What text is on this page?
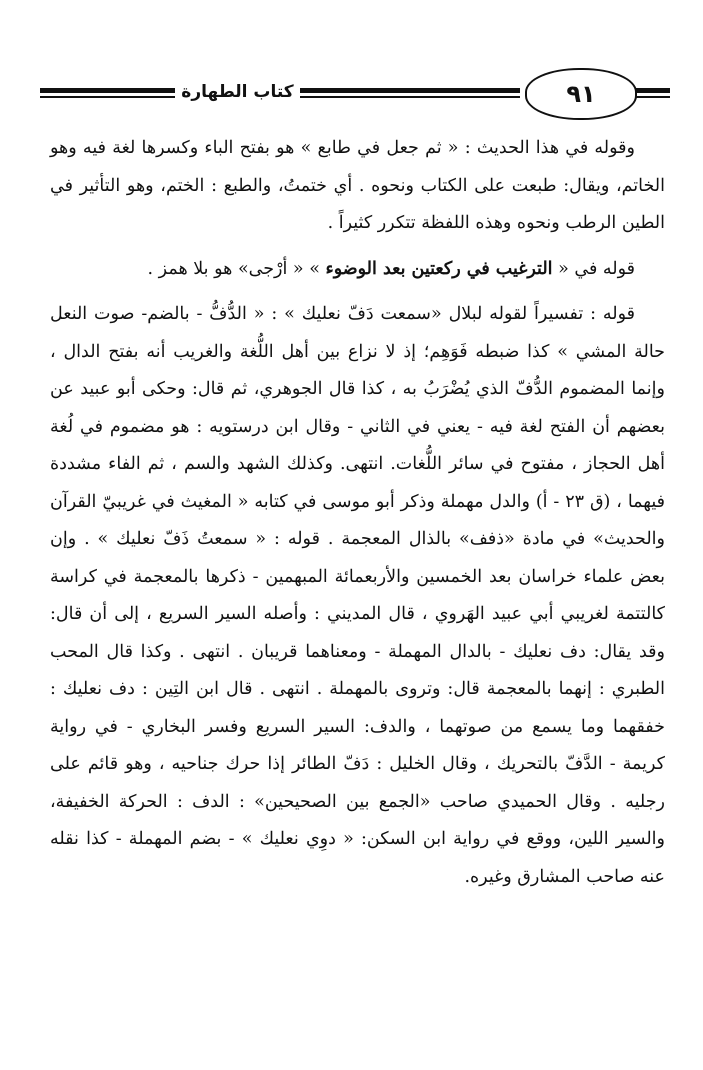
كتاب الطهارة	٩١

وقوله في هذا الحديث : « ثم جعل في طابع » هو بفتح الباء وكسرها لغة فيه وهو الخاتم، ويقال: طبعت على الكتاب ونحوه . أي ختمتُ، والطبع : الختم، وهو التأثير في الطين الرطب ونحوه وهذه اللفظة تتكرر كثيراً .

قوله في « الترغيب في ركعتين بعد الوضوء » « أرْجى» هو بلا همز .

قوله : تفسيراً لقوله لبلال «سمعت دَفّ نعليك » : « الدُّفُّ - بالضم- صوت النعل حالة المشي » كذا ضبطه فَوَهِم؛ إذ لا نزاع بين أهل اللُّغة والغريب أنه بفتح الدال ، وإنما المضموم الدُّفّ الذي يُضْرَبُ به ، كذا قال الجوهري، ثم قال: وحكى أبو عبيد عن بعضهم أن الفتح لغة فيه - يعني في الثاني - وقال ابن درستويه : هو مضموم في لُغة أهل الحجاز ، مفتوح في سائر اللُّغات. انتهى. وكذلك الشهد والسم ، ثم الفاء مشددة فيهما ، (ق ٢٣ - أ) والدل مهملة وذكر أبو موسى في كتابه « المغيث في غريبيّ القرآن والحديث» في مادة «ذفف» بالذال المعجمة . قوله : « سمعتُ ذَفّ نعليك » . وإن بعض علماء خراسان بعد الخمسين والأربعمائة المبهمين - ذكرها بالمعجمة في كراسة كالتتمة لغريبي أبي عبيد الهَروي ، قال المديني : وأصله السير السريع ، إلى أن قال: وقد يقال: دف نعليك - بالدال المهملة - ومعناهما قريبان . انتهى . وكذا قال المحب الطبري : إنهما بالمعجمة قال: وتروى بالمهملة . انتهى . قال ابن التِين : دف نعليك : خفقهما وما يسمع من صوتهما ، والدف: السير السريع وفسر البخاري - في رواية كريمة - الدَّفّ بالتحريك ، وقال الخليل : دَفّ الطائر إذا حرك جناحيه ، وهو قائم على رجليه . وقال الحميدي صاحب «الجمع بين الصحيحين» : الدف : الحركة الخفيفة، والسير اللين، ووقع في رواية ابن السكن: « دوِي نعليك » - بضم المهملة - كذا نقله عنه صاحب المشارق وغيره.
